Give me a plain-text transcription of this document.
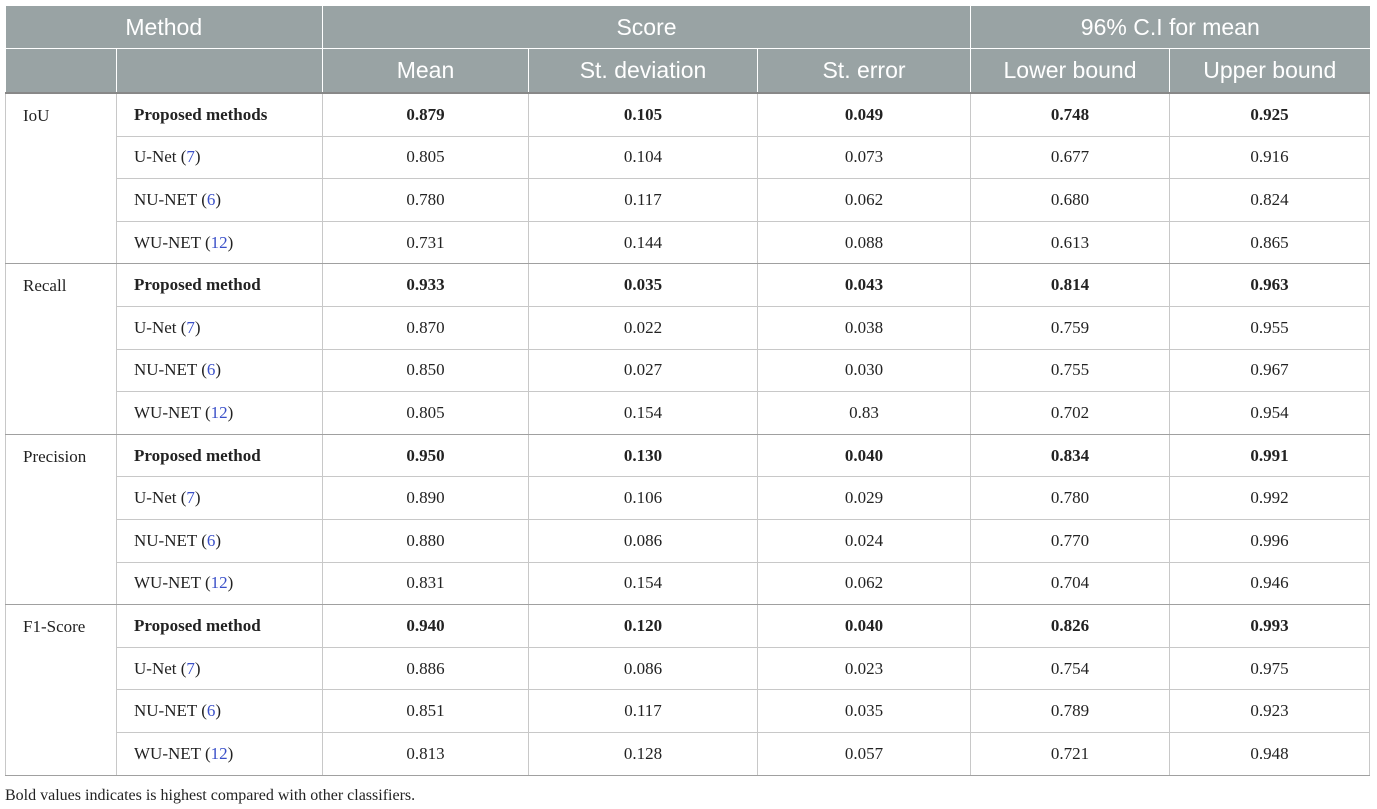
Method		Score			96% C.I for mean	
		Mean	St. deviation	St. error	Lower bound	Upper bound
IoU	Proposed methods	0.879	0.105	0.049	0.748	0.925
	U-Net (7)	0.805	0.104	0.073	0.677	0.916
	NU-NET (6)	0.780	0.117	0.062	0.680	0.824
	WU-NET (12)	0.731	0.144	0.088	0.613	0.865
Recall	Proposed method	0.933	0.035	0.043	0.814	0.963
	U-Net (7)	0.870	0.022	0.038	0.759	0.955
	NU-NET (6)	0.850	0.027	0.030	0.755	0.967
	WU-NET (12)	0.805	0.154	0.83	0.702	0.954
Precision	Proposed method	0.950	0.130	0.040	0.834	0.991
	U-Net (7)	0.890	0.106	0.029	0.780	0.992
	NU-NET (6)	0.880	0.086	0.024	0.770	0.996
	WU-NET (12)	0.831	0.154	0.062	0.704	0.946
F1-Score	Proposed method	0.940	0.120	0.040	0.826	0.993
	U-Net (7)	0.886	0.086	0.023	0.754	0.975
	NU-NET (6)	0.851	0.117	0.035	0.789	0.923
	WU-NET (12)	0.813	0.128	0.057	0.721	0.948
Bold values indicates is highest compared with other classifiers.
